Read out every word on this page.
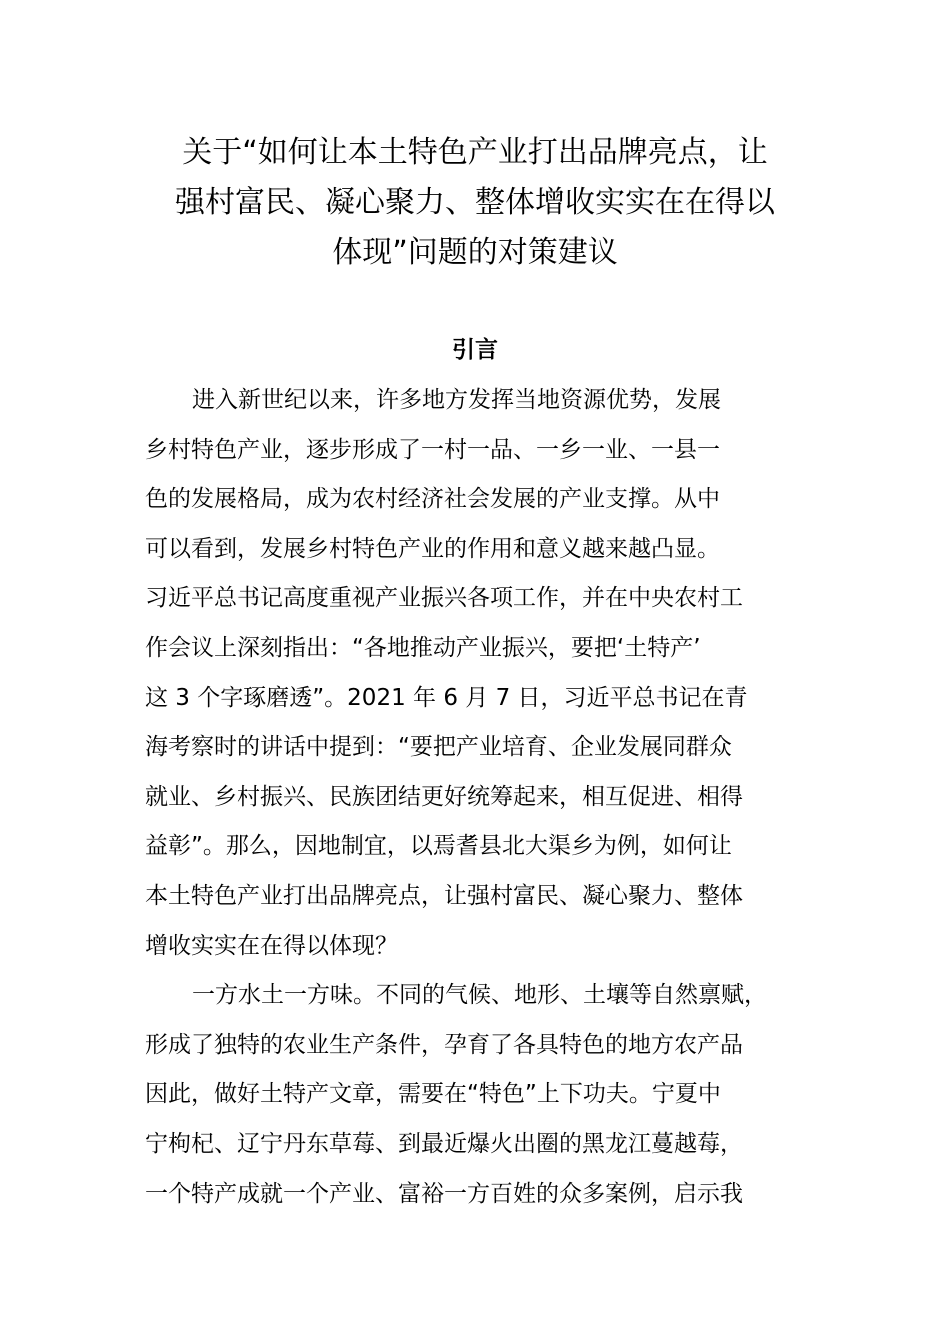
关于“如何让本土特色产业打出品牌亮点，让
强村富民、凝心聚力、整体增收实实在在得以
体现”问题的对策建议
引言
进入新世纪以来，许多地方发挥当地资源优势，发展
乡村特色产业，逐步形成了一村一品、一乡一业、一县一
色的发展格局，成为农村经济社会发展的产业支撑。从中
可以看到，发展乡村特色产业的作用和意义越来越凸显。
习近平总书记高度重视产业振兴各项工作，并在中央农村工
作会议上深刻指出：“各地推动产业振兴，要把‘土特产’
这 3 个字琢磨透”。2021 年 6 月 7 日，习近平总书记在青
海考察时的讲话中提到：“要把产业培育、企业发展同群众
就业、乡村振兴、民族团结更好统筹起来，相互促进、相得
益彰”。那么，因地制宜，以焉耆县北大渠乡为例，如何让
本土特色产业打出品牌亮点，让强村富民、凝心聚力、整体
增收实实在在得以体现？
一方水土一方味。不同的气候、地形、土壤等自然禀赋，
形成了独特的农业生产条件，孕育了各具特色的地方农产品
因此，做好土特产文章，需要在“特色”上下功夫。宁夏中
宁枸杞、辽宁丹东草莓、到最近爆火出圈的黑龙江蔓越莓，
一个特产成就一个产业、富裕一方百姓的众多案例，启示我
